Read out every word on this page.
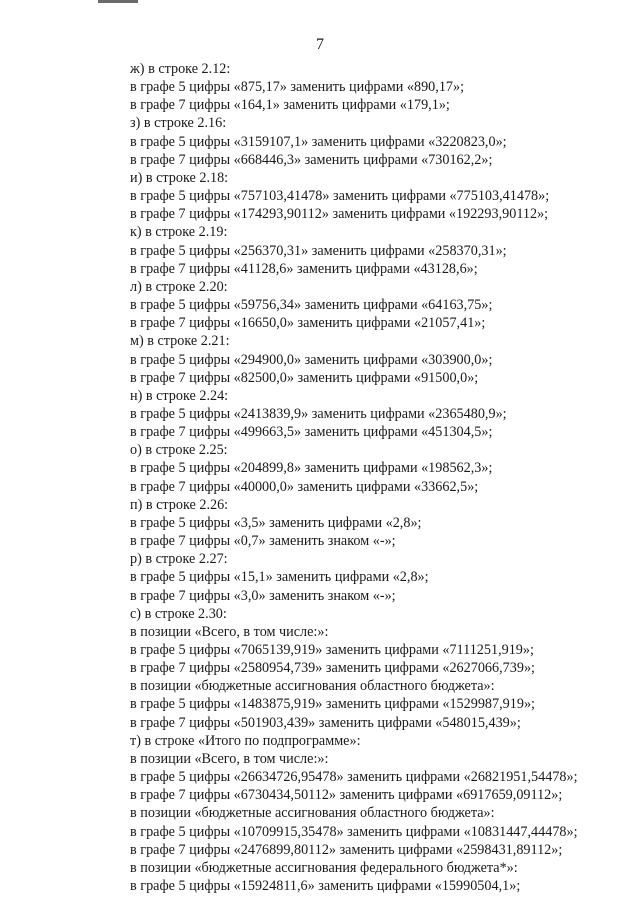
7
ж) в строке 2.12:
в графе 5 цифры «875,17» заменить цифрами «890,17»;
в графе 7 цифры «164,1» заменить цифрами «179,1»;
з) в строке 2.16:
в графе 5 цифры «3159107,1» заменить цифрами «3220823,0»;
в графе 7 цифры «668446,3» заменить цифрами «730162,2»;
и) в строке 2.18:
в графе 5 цифры «757103,41478» заменить цифрами «775103,41478»;
в графе 7 цифры «174293,90112» заменить цифрами «192293,90112»;
к) в строке 2.19:
в графе 5 цифры «256370,31» заменить цифрами «258370,31»;
в графе 7 цифры «41128,6» заменить цифрами «43128,6»;
л) в строке 2.20:
в графе 5 цифры «59756,34» заменить цифрами «64163,75»;
в графе 7 цифры «16650,0» заменить цифрами «21057,41»;
м) в строке 2.21:
в графе 5 цифры «294900,0» заменить цифрами «303900,0»;
в графе 7 цифры «82500,0» заменить цифрами «91500,0»;
н) в строке 2.24:
в графе 5 цифры «2413839,9» заменить цифрами «2365480,9»;
в графе 7 цифры «499663,5» заменить цифрами «451304,5»;
о) в строке 2.25:
в графе 5 цифры «204899,8» заменить цифрами «198562,3»;
в графе 7 цифры «40000,0» заменить цифрами «33662,5»;
п) в строке 2.26:
в графе 5 цифры «3,5» заменить цифрами «2,8»;
в графе 7 цифры «0,7» заменить знаком «-»;
р) в строке 2.27:
в графе 5 цифры «15,1» заменить цифрами «2,8»;
в графе 7 цифры «3,0» заменить знаком «-»;
с) в строке 2.30:
в позиции «Всего, в том числе:»:
в графе 5 цифры «7065139,919» заменить цифрами «7111251,919»;
в графе 7 цифры «2580954,739» заменить цифрами «2627066,739»;
в позиции «бюджетные ассигнования областного бюджета»:
в графе 5 цифры «1483875,919» заменить цифрами «1529987,919»;
в графе 7 цифры «501903,439» заменить цифрами «548015,439»;
т) в строке «Итого по подпрограмме»:
в позиции «Всего, в том числе:»:
в графе 5 цифры «26634726,95478» заменить цифрами «26821951,54478»;
в графе 7 цифры «6730434,50112» заменить цифрами «6917659,09112»;
в позиции «бюджетные ассигнования областного бюджета»:
в графе 5 цифры «10709915,35478» заменить цифрами «10831447,44478»;
в графе 7 цифры «2476899,80112» заменить цифрами «2598431,89112»;
в позиции «бюджетные ассигнования федерального бюджета*»:
в графе 5 цифры «15924811,6» заменить цифрами «15990504,1»;
